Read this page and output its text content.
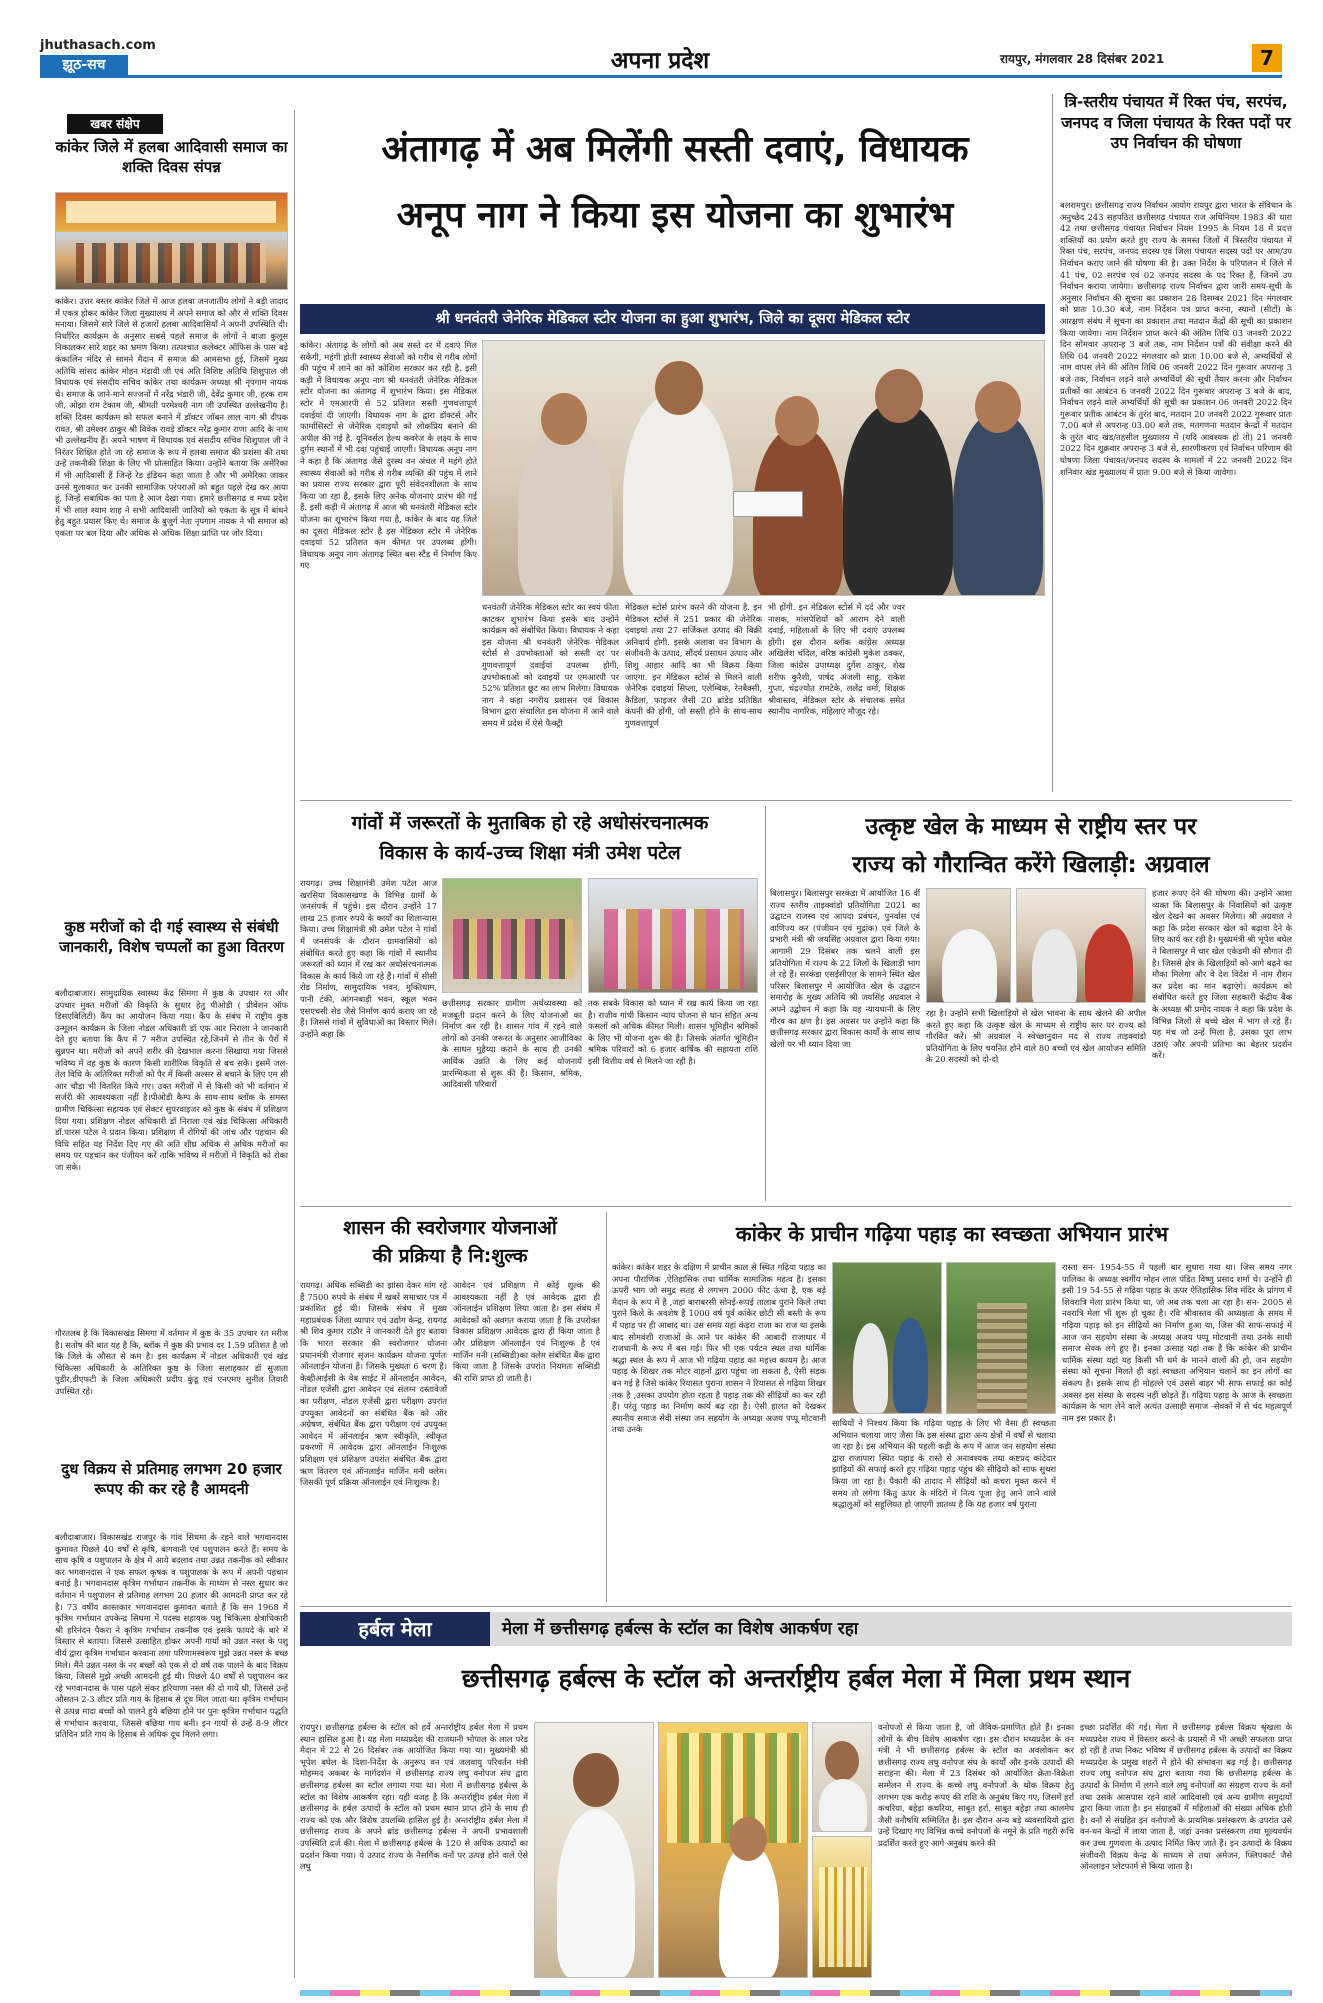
jhuthasach.com
झूठ-सच	अपना प्रदेश	रायपुर, मंगलवार 28 दिसंबर 2021	7
खबर संक्षेप
कांकेर जिले में हलबा आदिवासी समाज का शक्ति दिवस संपन्न
कांकेर। उत्तर बस्तर कांकेर जिले में आज हलबा जनजातीय लोगों ने बड़ी तादाद में एकत्र होकर कांकेर जिला मुख्यालय में अपने समाज को और से शक्ति दिवस मनाया। जिसमें सारे जिले से हजारों हलबा आदिवासियों ने अपनी उपस्थिति दी। निर्धारित कार्यक्रम के अनुसार सबसे पहले समाज के लोगों ने बाजा कुलूस निकालकर सारे शहर का भ्रमण किया। तत्पश्चात कलेक्टर ऑफिस के पास बड़े कंकालिन मंदिर से सामने मैदान में समाज की आमसभा हुई, जिसमें मुख्य अतिथि सांसद कांकेर मोहन मंडावी जी एवं अति विशिष्ट अतिथि शिशुपाल जी विधायक एवं संसदीय सचिव कांकेर तथा कार्यक्रम अध्यक्ष श्री नृपगाम नायक थे। समाज के जाने-माने सज्जनों में नरेंद्र भंडारी जी, देवेंद्र कुमार जी, हरक राम जी, ओझा राम टेकाम जी, श्रीमती परमेश्वरी नाग जी उपस्थित उल्लेखनीय है। शक्ति दिवस कार्यक्रम को सफल बनाने में डॉक्टर जॉबन लाल नाग श्री दीपक रावत, श्री उमेश्वर ठाकुर श्री विवेक रावड़े डॉक्टर नरेंद्र कुमार राणा आदि के नाम भी उल्लेखनीय हैं। अपने भाषण में विधायक एवं संसदीय सचिव शिशुपाल जी ने निरंतर शिक्षित होते जा रहे समाज के रूप में हलबा समाज की प्रशंसा की तथा उन्हें तकनीकी शिक्षा के लिए भी प्रोत्साहित किया। उन्होंने बताया कि अमेरिका में भी आदिवासी हैं जिन्हें रेड इंडियन कहा जाता है और भी अमेरिका जाकर उनसे मुलाकात कर उनकी सामाजिक परंपराओं को बहुत पहले देख कर आया हूं, जिन्हें सबाधिक का पता है आज देखा गया। हमारे छत्तीसगढ़ व मध्य प्रदेश में भी लाल श्याम शाह ने सभी आदिवासी जातियों को एकता के सूत्र में बांधने हेतु बहुत प्रयास किए थे। समाज के बुजुर्ग नेता नृपगाम नायक ने भी समाज को एकता पर बल दिया और अधिक से अधिक शिक्षा प्राप्ति पर जोर दिया।
कुष्ठ मरीजों को दी गई स्वास्थ्य से संबंधी जानकारी, विशेष चप्पलों का हुआ वितरण
बलौदाबाजार। सामुदायिक स्वास्थ्य केंद्र सिमगा में कुष्ठ के उपचार रत और उपचार मुक्त मरीजों की विकृति के सुधार हेतु पीओडी ( प्रीवेंशन ऑफ डिसएबिलिटी) कैंप का आयोजन किया गया। कैंप के संबंध में राष्ट्रीय कुष्ठ उन्मूलन कार्यक्रम के जिला नोडल अधिकारी डॉ एफ आर निराला ने जानकारी देते हुए बताया कि कैंप में 7 मरीज उपस्थित रहे,जिनमें से तीन के पैरों में सुन्नपन था। मरीजों को अपने शरीर की देखभाल करना सिखाया गया जिससे भविष्य में वह कुष्ठ के कारण किसी शारीरिक विकृति से बच सकें। इसमें जल- तेल विधि के अतिरिक्त मरीजों को पैर में किसी अल्सर से बचाने के लिए एम सी आर चौड़ा भी वितरित किये गए। उक्त मरीजों में से किसी को भी वर्तमान में सर्जरी की आवश्यकता नहीं है।पीओडी कैम्प के साथ-साथ ब्लॉक के समस्त ग्रामीण चिकित्सा सहायक एवं सेक्टर सुपरवाइजर को कुष्ठ के संबंध में प्रशिक्षण दिया गया। प्रशिक्षण नोडल अधिकारी डॉ निराला एवं खंड चिकित्सा अधिकारी डॉ.पारस पटेल ने प्रदान किया। प्रशिक्षण में रोगियों की जांच और पहचान की विधि सहित यह निर्देश दिए गए की अति शीघ्र अधिक से अधिक मरीजों का समय पर पहचान कर पंजीयन करें ताकि भविष्य में मरीजों में विकृति को रोका जा सके।
गौरतलब है कि विकासखंड सिमगा में वर्तमान में कुष्ठ के 35 उपचार रत मरीज है। सतोष की बात यह है कि, ब्लॉक में कुष्ठ की प्रभाव दर 1.59 प्रतिशत है जो कि जिले के औसत से कम है। इस कार्यक्रम में नोडल अधिकारी एवं खंड चिकित्सा अधिकारी के अतिरिक्त कुष्ठ के जिला सलाहकार डॉ सुजाता पुडीर,डीएफटी के जिला अधिकारी प्रदीप कुंडू एवं एनएमए सुनील तिवारी उपस्थित रहे।
दुध विक्रय से प्रतिमाह लगभग 20 हजार रूपए की कर रहे है आमदनी
बलौदाबाजार। विकासखंड राजपुर के गांव सिधमा के रहने वाले भगवानदास कुमावत पिछले 40 वर्षों से कृषि, बागवानी एवं पशुपालन करते हैं। समय के साथ कृषि व पशुपालन के क्षेत्र में आये बदलाव तथा उन्नत तकनीक को स्वीकार कर भगवानदास ने एक सफल कृषक व पशुपालक के रूप में अपनी पहचान बनाई है। भगवानदास कृत्रिम गर्भाधान तकनीक के माध्यम से नस्ल सुधार कर वर्तमान में पशुपालन से प्रतिमाह लगभग 20 हजार की आमदनी प्राप्त कर रहे है। 73 वर्षीय कास्तकार भगवानदास कुमावत बताते हैं कि सन 1968 में कृत्रिम गर्भाधान उपकेन्द्र सिधमा में पदस्थ सहायक पशु चिकित्सा क्षेत्राधिकारी श्री हरिनंदन पैकरा ने कृत्रिम गर्भाधान तकनीक एवं इसके फायदे के बारे में विस्तार से बताया। जिससे उत्साहित होकर अपनी गायों को उन्नत नस्ल के पशु वीर्य द्वारा कृत्रिम गर्भाधान करवाना लगा परिणामस्वरूप मुझे उन्नत नस्ल के बच्छ मिले। मैंने उन्नत नस्ल के नर बच्छों को एक से दो वर्ष तक पालने के बाद विक्रय किया, जिससे मुझे अच्छी आमदनी हुई थी। पिछले 40 वर्षों से पशुपालन कर रहे भगवानदास के पास पहले संकर हरियाणा नस्ल की दो गायें थी, जिससे उन्हें औसतन 2-3 लीटर प्रति गाय के हिसाब से दूध मिल जाता था। कृत्रिम गर्भाधान से उत्पन्न मादा बच्चों को पालने हुये बछिया होने पर पुनः कृत्रिम गर्भाधान पद्धति से गर्भाधान करवाया, जिससे बछिया गाय बनी। इन गायों से उन्हें 8-9 लीटर प्रतिदिन प्रति गाय के हिसाब से अधिक दूध मिलने लगा।
अंतागढ़ में अब मिलेंगी सस्ती दवाएं, विधायक
अनूप नाग ने किया इस योजना का शुभारंभ
श्री धनवंतरी जेनेरिक मेडिकल स्टोर योजना का हुआ शुभारंभ, जिले का दूसरा मेडिकल स्टोर
कांकेर। अंतागढ़ के लोगों को अब सस्ते दर में दवाएं मिल सकेंगी, महंगी होती स्वास्थ्य सेवाओं को गरीब से गरीब लोगों की पहुंच में लाने का को कोशिश सरकार कर रही है. इसी कड़ी में विधायक अनूप नाग श्री धनवंतरी जेनेरिक मेडिकल स्टोर योजना का अंतागढ़ में शुभारंभ किया। इस मेडिकल स्टोर में एमआरपी से 52 प्रतिशत सस्ती गुणवत्तापूर्ण दवाईयां दी जाएगी। विधायक नाग के द्वारा डॉक्टर्स और फार्मासिस्टों से जेनेरिक दवाइयों को लोकप्रिय बनाने की अपील की गई है. यूनिवर्सल हेल्थ कवरेज के लक्ष्य के साथ दुर्गम स्थानों में भी दवा पहुंचाई जाएगी। विधायक अनूप नाग ने कहा है कि अंतागढ़ जैसे दुरस्थ वन अंचल में महंगे होते स्वास्थ्य सेवाओं को गरीब से गरीब व्यक्ति की पहुंच में लाने का प्रयास राज्य सरकार द्वारा पूरी संवेदनशीलता के साथ किया जा रहा है, इसके लिए अनेक योजनाएं प्रारंभ की गई हैं. इसी कड़ी में अंतागढ़ में आज श्री धनवंतरी मेडिकल स्टोर योजना का शुभारंभ किया गया है, कांकेर के बाद यह जिले का दूसरा मेडिकल स्टोर है इस मेडिकल स्टोर में जेनेरिक दवाइयां 52 प्रतिशत कम कीमत पर उपलब्ध होंगी। विधायक अनूप नाग अंतागढ़ स्थित बस स्टैंड में निर्माण किए गए
धनवंतरी जेनेरिक मेडिकल स्टोर का स्वयं फीता काटकर शुभारंभ किया इसके बाद उन्होंने कार्यक्रम को संबोधित किया। विधायक ने कहा इस योजना श्री धनवंतरी जेनेरिक मेडिकल स्टोर्स से उपभोक्ताओं को सस्ती दर पर गुणवत्तापूर्ण दवाईयां उपलब्ध होगी, उपभोक्ताओं को दवाइयों पर एमआरपी पर 52% प्रतिशत छूट का लाभ मिलेगा। विधायक नाग ने कहा नगरीय प्रशासन एवं विकास विभाग द्वारा संचालित इस योजना में आने वाले समय में प्रदेश में ऐसे फैक्ट्री
मेडिकल स्टोर्स प्रारंभ करने की योजना है. इन मेडिकल स्टोर्स में 251 प्रकार की जेनेरिक दवाइयां तथा 27 सर्जिकल उत्पाद की बिक्री अनिवार्य होगी. इसके अलावा वन विभाग के संजीवनी के उत्पाद, सौंदर्य प्रसाधन उत्पाद और शिशु आहार आदि का भी विक्रय किया जाएगा. इन मेडिकल स्टोर्स से मिलने वाली जेनेरिक दवाइयां सिप्ला, एलेम्बिक, रेनबैक्सी, कैडिला, फाइजर जैसी 20 ब्रांडेड प्रतिष्ठित कंपनी की होंगी, जो सस्ती होने के साथ-साथ गुणवत्तापूर्ण
भी होंगी. इन मेडिकल स्टोर्स में दर्द और ज्वर नाशक, मांसपेशियों को आराम देने वाली दवाई, महिलाओं के लिए भी दवाएं उपलब्ध होंगी। इस दौरान ब्लॉक कांग्रेस अध्यक्ष अखिलेश चंदिल, वरिष्ठ कांग्रेसी मुकेश ठक्कर, जिला कांग्रेस उपाध्यक्ष दुर्गेश ठाकुर, शेख शरीफ कुरैशी, पार्षद अंजली साहू, राकेश गुप्ता, चंद्रज्योत रामटेके, ललेंद्र वर्मा, शिक्षक श्रीवास्तव, मेडिकल स्टोर के संचालक समेत स्थानीय नागरिक, महिलाएं मौजूद रहे।
त्रि-स्तरीय पंचायत में रिक्त पंच, सरपंच, जनपद व जिला पंचायत के रिक्त पदों पर उप निर्वाचन की घोषणा
बलरामपुर। छत्तीसगढ़ राज्य निर्वाचन आयोग रायपुर द्वारा भारत के संविधान के अनुच्छेद 243 सहपठित छत्तीसगढ़ पंचायत राज अधिनियम 1983 की धारा 42 तथा छत्तीसगढ़ पंचायत निर्वाचन नियम 1995 के नियम 18 में प्रदत्त शक्तियों का प्रयोग करते हुए राज्य के समस्त जिलों में त्रिस्तरीय पंचायत में रिक्त पंच, सरपंच, जनपद सदस्य एवं जिला पंचायत सदस्य पदों पर आम/उप निर्वाचन कराए जाने की घोषणा की है। उक्त निर्देश के परिपालन में जिले में 41 पंच, 02 सरपंच एवं 02 जनपद सदस्य के पद रिक्त हैं, जिनमें उप निर्वाचन कराया जायेगा। छत्तीसगढ़ राज्य निर्वाचन द्वारा जारी समय-सूची के अनुसार निर्वाचन की सूचना का प्रकाशन 28 दिसम्बर 2021 दिन मंगलवार को प्रातः 10.30 बजे, नाम निर्देशन पत्र प्राप्त करना, स्थानों (सीटों) के आरक्षण संबंध में सूचना का प्रकाशन तथा मतदान केंद्रों की सूची का प्रकाशन किया जायेगा। नाम निर्देशन प्राप्त करने की अंतिम तिथि 03 जनवरी 2022 दिन सोमवार अपरान्ह 3 बजे तक, नाम निर्देशन पत्रों की संवीक्षा करने की तिथि 04 जनवरी 2022 मंगलवार को प्रातः 10.00 बजे से, अभ्यर्थियों से नाम वापस लेने की अंतिम तिथि 06 जनवरी 2022 दिन गुरूवार अपरान्ह 3 बजे तक, निर्वाचन लड़ने वाले अभ्यर्थियों की सूची तैयार करना और निर्वाचन प्रतीकों का आबंटन 6 जनवरी 2022 दिन गुरूवार अपरान्ह 3 बजे के बाद, निर्वाचन लड़ने वाले अभ्यर्थियों की सूची का प्रकाशन 06 जनवरी 2022 दिन गुरूवार प्रतीक आबंटन के तुरंत बाद, मतदान 20 जनवरी 2022 गुरूवार प्रातः 7.00 बजे से अपरान्ह 03.00 बजे तक, मतगणना मतदान केन्द्रों में मतदान के तुरंत बाद खंड/तहसील मुख्यालय में (यदि आवश्यक हो तो) 21 जनवरी 2022 दिन शुक्रवार अपरान्ह 3 बजे से, सारणीकरण एवं निर्वाचन परिणाम की घोषणा जिला पंचायत/जनपद सदस्य के मामलों में 22 जनवरी 2022 दिन शनिवार खंड मुख्यालय में प्रातः 9.00 बजे से किया जावेगा।
गांवों में जरूरतों के मुताबिक हो रहे अधोसंरचनात्मक
विकास के कार्य-उच्च शिक्षा मंत्री उमेश पटेल
रायगढ़। उच्च शिक्षामंत्री उमेश पटेल आज खरसिया विकासखण्ड के विभिन्न ग्रामों के जनसंपर्क में पहुंचे। इस दौरान उन्होंने 17 लाख 25 हजार रुपये के कार्यों का शिलान्यास किया। उच्च शिक्षामंत्री श्री उमेश पटेल ने गांवों में जनसंपर्क के दौरान ग्रामवासियों को संबोधित करते हुए कहा कि गांवों में स्थानीय जरूरतों को ध्यान में रख कर अधोसंरचनात्मक विकास के कार्य किये जा रहे हैं। गांवों में सीसी रोड निर्माण, सामुदायिक भवन, मुक्तिधाम, पानी टंकी, आंगनबाड़ी भवन, स्कूल भवन एसएचसी सेड जैसे निर्माण कार्य कराए जा रहे हैं। जिससे गांवों में सुविधाओं का विस्तार मिले। उन्होंने कहा कि
छत्तीसगढ़ सरकार ग्रामीण अर्थव्यवस्था को मजबूती प्रदान करने के लिए योजनाओं का निर्माण कर रही है। शासन गांव में रहने वाले लोगों को उनकी जरूरत के अनुसार आजीविका के साधन मुहैय्या कराने के साथ ही उनकी आर्थिक उन्नति के लिए कई योजनायें प्रारम्भिकता से शुरू की हैं। किसान, श्रमिक, आदिवासी परिवारों
तक सबके विकास को ध्यान में रख कार्य किया जा रहा है। राजीव गांधी किसान न्याय योजना से धान सहित अन्य फसलों को अधिक कीमत मिली। शासन भूमिहीन श्रमिकों के लिए भी योजना शुरू की है। जिसके अंतर्गत भूमिहीन श्रमिक परिवारों को 6 हजार वार्षिक की सहायता राशि इसी वित्तीय वर्ष से मिलने जा रही है।
उत्कृष्ट खेल के माध्यम से राष्ट्रीय स्तर पर
राज्य को गौरान्वित करेंगे खिलाड़ी: अग्रवाल
बिलासपुर। बिलासपुर सरकंडा में आयोजित 16 वीं राज्य स्तरीय ताइक्वांडो प्रतियोगिता 2021 का उद्घाटन राजस्व एवं आपदा प्रबंधन, पुनर्वास एवं वाणिज्य कर (पंजीयन एवं मुद्रांक) एवं जिले के प्रभारी मंत्री श्री जयसिंह अग्रवाल द्वारा किया गया। आगामी 29 दिसंबर तक चलने वाली इस प्रतियोगिता में राज्य के 22 जिलों के खिलाड़ी भाग ले रहे हैं। सरकंडा एसईसीएल के सामने स्थित खेल परिसर बिलासपुर में आयोजित खेल के उद्घाटन समारोह के मुख्य अतिथि श्री जयसिंह अग्रवाल ने अपने उद्बोधन में कहा कि यह न्यायधानी के लिए गौरव का क्षण है। इस अवसर पर उन्होंने कहा कि छत्तीसगढ़ सरकार द्वारा विकास कार्यों के साथ साथ खेलों पर भी ध्यान दिया जा
रहा है। उन्होंने सभी खिलाड़ियों से खेल भावना के साथ खेलने की अपील करते हुए कहा कि उत्कृष्ट खेल के माध्यम से राष्ट्रीय स्तर पर राज्य को गौरवित करें। श्री अग्रवाल ने स्वेच्छानुदान मद से राज्य ताइक्वांडो प्रतियोगिता के लिए चयनित होने वाले 80 बच्चों एवं खेल आयोजन समिति के 20 सदस्यों को दो-दो
हजार रूपए देने की घोषणा की। उन्होंने आशा व्यक्त कि बिलासपुर के निवासियों को उत्कृष्ट खेल देखने का अवसर मिलेगा। श्री अग्रवाल ने कहा कि प्रदेश सरकार खेल को बढ़ावा देने के लिए कार्य कर रही है। मुख्यमंत्री श्री भूपेश बघेल ने बिलासपुर में चार खेल एकेडमी की सौगात दी है। जिससे क्षेत्र के खिलाड़ियों को आगे बढ़ने का मौका मिलेगा और वे देश विदेश में नाम रौशन कर प्रदेश का मान बढ़ाएंगे। कार्यक्रम को संबोधित करते हुए जिला सहकारी केंद्रीय बैंक के अध्यक्ष श्री प्रमोद नायक ने कहा कि प्रदेश के विभिन्न जिलों से बच्चे खेल में भाग ले रहे हैं। यह मंच जो उन्हें मिला है, उसका पूरा लाभ उठाएं और अपनी प्रतिभा का बेहतर प्रदर्शन करें।
शासन की स्वरोजगार योजनाओं
की प्रक्रिया है नि:शुल्क
रायगढ़। अधिक सब्सिडी का झांसा देकर मांग रहे हैं 7500 रुपये के संबंध में खबरें समाचार पत्र में प्रकाशित हुई थी। जिसके संबंध में मुख्य महाप्रबंधक जिला व्यापार एवं उद्योग केन्द्र, रायगढ़ श्री शिव कुमार राठौर ने जानकारी देते हुए बताया कि भारत सरकार की स्वरोजगार योजना प्रधानमंत्री रोजगार सृजन कार्यक्रम योजना पूर्णतः ऑनलाईन योजना है। जिसके मुख्यतः 6 चरण है। केव्हीआईसी के वेब साईट में ऑनलाईन आवेदन, नोडल एजेंसी द्वारा आवेदन एवं संलग्न दस्तावेजों का परीक्षण, नोडल एजेंसी द्वारा परीक्षण उपरांत उपयुक्त आवेदनों का संबंधित बैंक को ऑर अग्रेषण, संबंधित बैंक द्वारा परीक्षण एवं उपयुक्त आवेदन में ऑनलाईन ऋण स्वीकृति, स्वीकृत प्रकरणों में आवेदक द्वारा ऑनलाईन निःशुल्क प्रशिक्षण एवं प्रशिक्षण उपरांत संबंधित बैंक द्वारा ऋण वितरण एवं ऑनलाईन मार्जिन मनी क्लेम। जिसकी पूर्ण प्रक्रिया ऑनलाईन एवं निःशुल्क है।
आवेदन एवं प्रशिक्षण में कोई शुल्क की आवश्यकता नहीं है एवं आवेदक द्वारा ही ऑनलाईन प्रशिक्षण लिया जाता है। इस संबंध में आवेदकों को अवगत कराया जाता है कि उपरोक्त विकास प्रशिक्षण आवेदक द्वारा ही किया जाता है और प्रशिक्षण ऑनलाईन एवं निःशुल्क है एवं मार्जिन मनी (सब्सिडी)का क्लेम संबंधित बैंक द्वारा किया जाता है जिसके उपरांत नियमतः सब्सिडी की राशि प्राप्त हो जाती है।
कांकेर के प्राचीन गढ़िया पहाड़ का स्वच्छता अभियान प्रारंभ
कांकेर। कांकेर शहर के दक्षिण में प्राचीन काल से स्थित गढ़िया पहाड़ का अपना पौराणिक ,ऐतिहासिक तथा धार्मिक सामाजिक महत्व है। इसका ऊपरी भाग जो समुद्र सतह से लगभग 2000 फीट ऊंचा है, एक बड़े मैदान के रूप में है ,जहां बाराबरसी सोनई-रूपई तालाब पुराने किले तथा पुराने किले के अवशेष हैं 1000 वर्ष पूर्व कांकेर छोटी सी बस्ती के रूप में पहाड़ पर ही आबाद था। उस समय यहां कंड़रा राजा का राज था इसके बाद सोमवंशी राजाओं के आने पर कांकेर की आबादी राजाधार में राजधानी के रूप में बस गई। फिर भी एक पर्यटन स्थल तथा धार्मिक श्रद्धा स्थल के रूप में आज भी गढ़िया पहाड़ का महत्त्व कायम है। आज पहाड़ के शिखर तक मोटर वाहनों द्वारा पहुंचा जा सकता है, ऐसी सड़क बन गई है जिसे कांकेर रियासत पुराना शासन ने रियासत से गढ़िया शिखर तक है ,उसका उपयोग होता रहता है पहाड़ तक की सीढ़ियों का कर रही हैं। परंतु पहाड़ का निर्माण कार्य बढ़ रहा है। ऐसी हालत को देखकर स्थानीय समाज सेवी संस्था जन सहयोग के अध्यक्ष अजय पप्पू मोटवानी तथा उनके
साथियों ने निश्चय किया कि गढ़िया पहाड़ के लिए भी वैसा ही स्वच्छता अभियान चलाया जाए जैसा कि इस संस्था द्वारा अन्य क्षेत्रों में वर्षों से चलाया जा रहा है। इस अभियान की पहली कड़ी के रूप में आज जन सहयोग संस्था द्वारा राजापारा स्थित पहाड़ के रास्ते से अनावश्यक तथा कष्टप्रद कांटेदार झाड़ियों की सफाई करते हुए गढ़िया पहाड़ पहुंच की सीढ़ियों को साफ सुथरा किया जा रहा है। पैकारी की तादाद में सीढ़ियों को कचरा मुक्त करने में समय तो लगेगा किंतु ऊपर के मंदिरों में नित्य पूजा हेतु आने जाने वाले श्रद्धालुओं को सहूलियत हो जाएगी ज्ञातव्य है कि यह हजार वर्ष पुराना
रास्ता सन- 1954-55 में पहली बार सुधारा गया था। जिस समय नगर पालिका के अध्यक्ष स्वर्गीय मोहन लाल पंडित विष्णु प्रसाद शर्मा थे। उन्होंने ही इसी 19 54-55 से गढ़िया पहाड़ के ऊपर ऐतिहासिक शिव मंदिर के प्रांगण में शिवरात्रि मेला प्रारंभ किया था, जो अब तक चला आ रहा है। सन- 2005 से नवरात्रि मेला भी शुरू हो चुका है। रवि श्रीवास्तव की अध्यक्षता के समय में गढ़िया पहाड़ को इन सीढ़ियों का निर्माण हुआ था, जिस की साफ-सफाई में आज जन सहयोग संस्था के अध्यक्ष अजय पप्पू मोटवानी तथा उनके साथी समाज सेवक लगे हुए हैं। इनका उत्साह यहां तक है कि कांकेर की प्राचीन धार्मिक संस्था यहां यह किसी भी धर्म के मानने वालों की हो, जन सहयोग संस्था को सूचना मिलते ही वहां स्वच्छता अभियान चलाने का इन लोगों का संकल्प है। इसके साथ ही मोहल्ले एवं उससे बाहर भी साफ सफाई का कोई अवसर इस संस्था के सदस्य नहीं छोड़ते हैं। गढ़िया पहाड़ के आज के स्वच्छता कार्यक्रम के भाग लेने वाले अत्यंत उत्साही समाज -सेवकों में से चंद महत्वपूर्ण नाम इस प्रकार हैं।
हर्बल मेला	मेला में छत्तीसगढ़ हर्बल्स के स्टॉल का विशेष आकर्षण रहा
छत्तीसगढ़ हर्बल्स के स्टॉल को अन्तर्राष्ट्रीय हर्बल मेला में मिला प्रथम स्थान
रायपुर। छत्तीसगढ़ हर्बल्स के स्टॉल को हर्वे अन्तर्राष्ट्रीय हर्बल मेला में प्रथम स्थान हासिल हुआ है। यह मेला मध्यप्रदेश की राजधानी भोपाल के लाल परेड मैदान में 22 से 26 दिसंबर तक आयोजित किया गया था। मुख्यमंत्री श्री भूपेश बघेल के दिशा-निर्देश के अनुरूप वन एवं जलवायु परिवर्तन मंत्री मोहम्मद अकबर के मार्गदर्शन में छत्तीसगढ़ राज्य लघु वनोपज संघ द्वारा छत्तीसगढ़ हर्बल्स का स्टॉल लगाया गया था। मेला में छत्तीसगढ़ हर्बल्स के स्टॉल का विशेष आकर्षण रहा। यही वजह है कि अन्तर्राष्ट्रीय हर्बल मेला में छत्तीसगढ़ के हर्बल उत्पादों के स्टॉल को प्रथम स्थान प्राप्त होने के साथ ही राज्य को एक और विशेष उपलब्धि हासिल हुई है। अन्तर्राष्ट्रीय हर्बल मेला में छत्तीसगढ़ राज्य के अपने ब्रांड छत्तीसगढ़ हर्बल्स ने अपनी प्रभावशाली उपस्थिति दर्ज की। मेला में छत्तीसगढ़ हर्बल्स के 120 से अधिक उत्पादों का प्रदर्शन किया गया। ये उत्पाद राज्य के नैसर्गिक वनों पर उत्पन्न होने वाले ऐसे लघु
वनोपजों से किया जाता है, जो जैविक-प्रमाणित होते हैं। इनका लोगों के बीच विशेष आकर्षण रहा। इस दौरान मध्यप्रदेश के वन मंत्री ने भी छत्तीसगढ़ हर्बल्स के स्टॉल का अवलोकन कर छत्तीसगढ़ राज्य लघु वनोपज संघ के कार्यों और इनके उत्पादों की सराहना की। मेला में 23 दिसंबर को आयोजित क्रेता-विक्रेता सम्मेलन में राज्य के कच्चे लघु वनोपजों के थोक विक्रय हेतु लगभग एक करोड़ रूपए की राशि के अनुबंध किए गए, जिसमें हर्रा कचरिया, बहेड़ा कचरिया, साबुत हर्रा, साबुत बहेड़ा तथा कालमेघ जैसी वनौषधि सम्मिलित है। इस दौरान अन्य बड़े व्यवसायियों द्वारा उन्हें दिखाए गए विभिन्न कच्चे वनोपजों के नमूने के प्रति गहरी रूचि प्रदर्शित करते हुए आगे अनुबंध करने की
इच्छा प्रदर्शित की गई। मेला में छत्तीसगढ़ हर्बल्स विक्रय श्रृंखला के मध्यप्रदेश राज्य में विस्तार करने के प्रयासों में भी अच्छी सफलता प्राप्त हो रही है तथा निकट भविष्य में छत्तीसगढ़ हर्बल्स के उत्पादों का विक्रय मध्यप्रदेश के प्रमुख शहरों में होने की संभावना बढ़ गई है। छत्तीसगढ़ राज्य लघु वनोपज संघ द्वारा बताया गया कि छत्तीसगढ़ हर्बल्स के उत्पादों के निर्माण में लगने वाले लघु वनोपजों का संग्रहण राज्य के वनों तथा उसके आसपास रहने वाले आदिवासी एवं अन्य ग्रामीण समुदायों द्वारा किया जाता है। इन संग्राहकों में महिलाओं की संख्या अधिक होती है। वनों से संग्रहित इन वनोपजों के प्राथमिक प्रसंस्करण के उपरांत उसे वन-धन केन्द्रों में लाया जाता है, जहां उनका प्रसंस्करण तथा मूल्यवर्धन कर उच्च गुणवत्ता के उत्पाद निर्मित किए जाते हैं। इन उत्पादों के विक्रय संजीवनी विक्रय केन्द्र के माध्यम से तथा अमेजन, फ्लिपकार्ट जैसे ऑनलाइन प्लेटफार्म से किया जाता है।
